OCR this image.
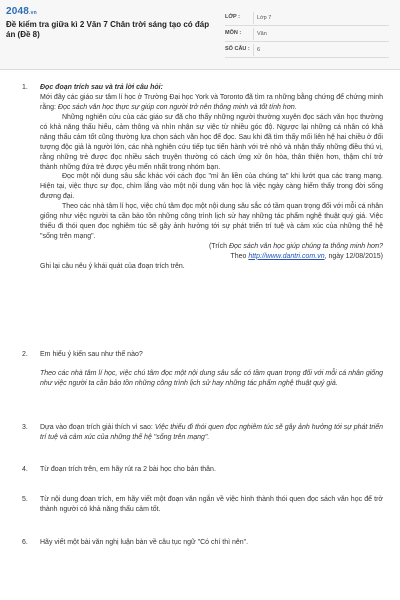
2048.vn
Đề kiểm tra giữa kì 2 Văn 7 Chân trời sáng tạo có đáp án (Đề 8)
LỚP :	Lớp 7
MÔN :	Văn
SỐ CÂU :	6
1. Đọc đoạn trích sau và trả lời câu hỏi:

Mới đây các giáo sư tâm lí học ở Trường Đại học York và Toronto đã tìm ra những bằng chứng để chứng minh rằng: Đọc sách văn học thực sự giúp con người trở nên thông minh và tốt tính hơn.

Những nghiên cứu của các giáo sư đã cho thấy những người thường xuyên đọc sách văn học thường có khả năng thấu hiểu, cảm thông và nhìn nhận sự việc từ nhiều góc độ. Ngược lại những cá nhân có khả năng thấu cảm tốt cũng thường lựa chọn sách văn học để đọc. Sau khi đã tìm thấy mối liên hệ hai chiều ở đối tượng độc giả là người lớn, các nhà nghiên cứu tiếp tục tiến hành với trẻ nhỏ và nhận thấy những điều thú vị, rằng những trẻ được đọc nhiều sách truyện thường có cách ứng xử ôn hòa, thân thiện hơn, thậm chí trở thành những đứa trẻ được yêu mến nhất trong nhóm bạn.

Đọc một nội dung sâu sắc khác với cách đọc "mì ăn liền của chúng ta" khi lướt qua các trang mạng. Hiện tại, việc thực sự đọc, chìm lắng vào một nội dung văn học là việc ngày càng hiếm thấy trong đời sống đương đại.

Theo các nhà tâm lí học, việc chú tâm đọc một nội dung sâu sắc có tầm quan trọng đối với mỗi cá nhân giống như việc người ta cần bảo tồn những công trình lịch sử hay những tác phẩm nghệ thuật quý giá. Việc thiếu đi thói quen đọc nghiêm túc sẽ gây ảnh hưởng tới sự phát triển trí tuệ và cảm xúc của những thế hệ "sống trên mạng".

(Trích Đọc sách văn học giúp chúng ta thông minh hơn?

Theo http://www.dantri.com.vn, ngày 12/08/2015)

Ghi lại câu nêu ý khái quát của đoạn trích trên.

2. Em hiểu ý kiến sau như thế nào?

Theo các nhà tâm lí học, việc chú tâm đọc một nội dung sâu sắc có tầm quan trọng đối với mỗi cá nhân giống như việc người ta cần bảo tồn những công trình lịch sử hay những tác phẩm nghệ thuật quý giá.

3. Dựa vào đoạn trích giải thích vì sao: Việc thiếu đi thói quen đọc nghiêm túc sẽ gây ảnh hưởng tới sự phát triển trí tuệ và cảm xúc của những thế hệ "sống trên mạng".

4. Từ đoạn trích trên, em hãy rút ra 2 bài học cho bản thân.

5. Từ nội dung đoạn trích, em hãy viết một đoạn văn ngắn về việc hình thành thói quen đọc sách văn học để trở thành người có khả năng thấu cảm tốt.

6. Hãy viết một bài văn nghị luận bàn về câu tục ngữ "Có chí thì nên".
